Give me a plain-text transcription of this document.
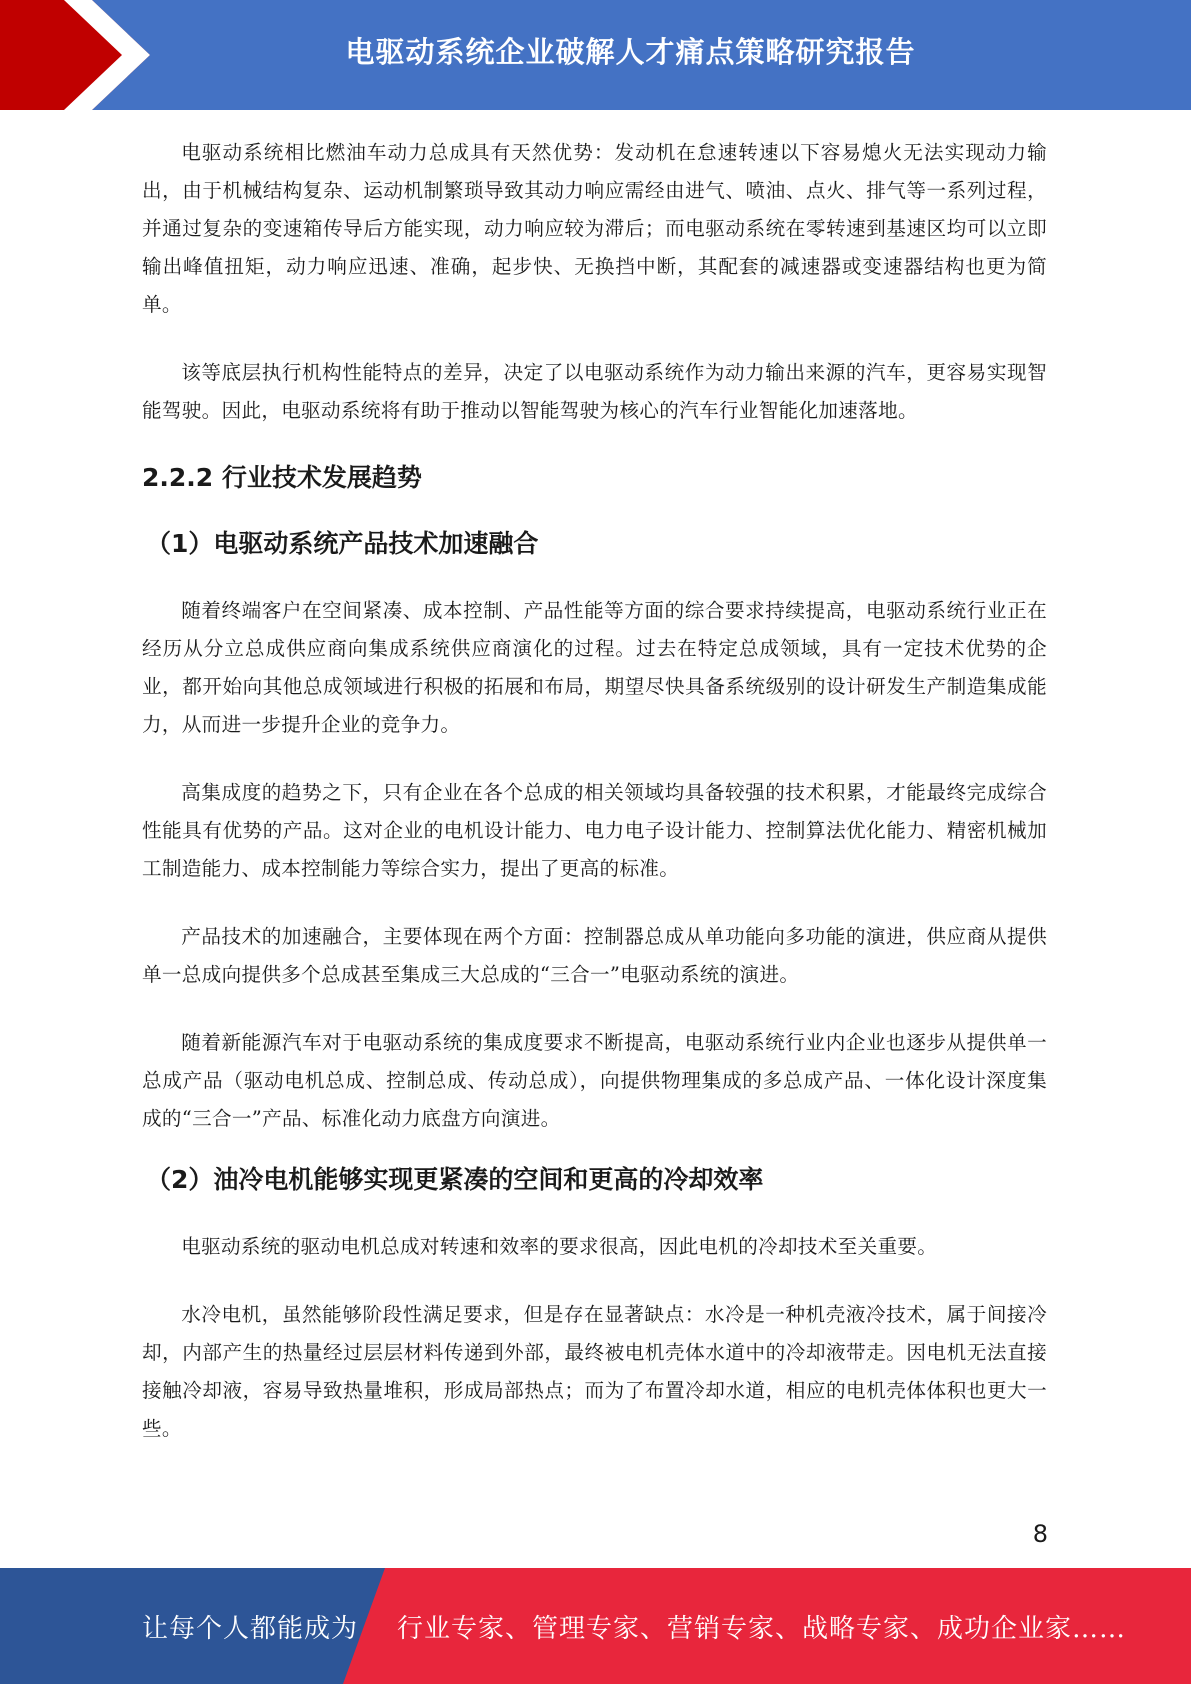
电驱动系统企业破解人才痛点策略研究报告

电驱动系统相比燃油车动力总成具有天然优势：发动机在怠速转速以下容易熄火无法实现动力输出，由于机械结构复杂、运动机制繁琐导致其动力响应需经由进气、喷油、点火、排气等一系列过程，并通过复杂的变速箱传导后方能实现，动力响应较为滞后；而电驱动系统在零转速到基速区均可以立即输出峰值扭矩，动力响应迅速、准确，起步快、无换挡中断，其配套的减速器或变速器结构也更为简单。

该等底层执行机构性能特点的差异，决定了以电驱动系统作为动力输出来源的汽车，更容易实现智能驾驶。因此，电驱动系统将有助于推动以智能驾驶为核心的汽车行业智能化加速落地。

2.2.2 行业技术发展趋势
（1）电驱动系统产品技术加速融合

随着终端客户在空间紧凑、成本控制、产品性能等方面的综合要求持续提高，电驱动系统行业正在经历从分立总成供应商向集成系统供应商演化的过程。过去在特定总成领域，具有一定技术优势的企业，都开始向其他总成领域进行积极的拓展和布局，期望尽快具备系统级别的设计研发生产制造集成能力，从而进一步提升企业的竞争力。

高集成度的趋势之下，只有企业在各个总成的相关领域均具备较强的技术积累，才能最终完成综合性能具有优势的产品。这对企业的电机设计能力、电力电子设计能力、控制算法优化能力、精密机械加工制造能力、成本控制能力等综合实力，提出了更高的标准。

产品技术的加速融合，主要体现在两个方面：控制器总成从单功能向多功能的演进，供应商从提供单一总成向提供多个总成甚至集成三大总成的“三合一”电驱动系统的演进。

随着新能源汽车对于电驱动系统的集成度要求不断提高，电驱动系统行业内企业也逐步从提供单一总成产品（驱动电机总成、控制总成、传动总成），向提供物理集成的多总成产品、一体化设计深度集成的“三合一”产品、标准化动力底盘方向演进。

（2）油冷电机能够实现更紧凑的空间和更高的冷却效率

电驱动系统的驱动电机总成对转速和效率的要求很高，因此电机的冷却技术至关重要。

水冷电机，虽然能够阶段性满足要求，但是存在显著缺点：水冷是一种机壳液冷技术，属于间接冷却，内部产生的热量经过层层材料传递到外部，最终被电机壳体水道中的冷却液带走。因电机无法直接接触冷却液，容易导致热量堆积，形成局部热点；而为了布置冷却水道，相应的电机壳体体积也更大一些。

8
让每个人都能成为 行业专家、管理专家、营销专家、战略专家、成功企业家……
